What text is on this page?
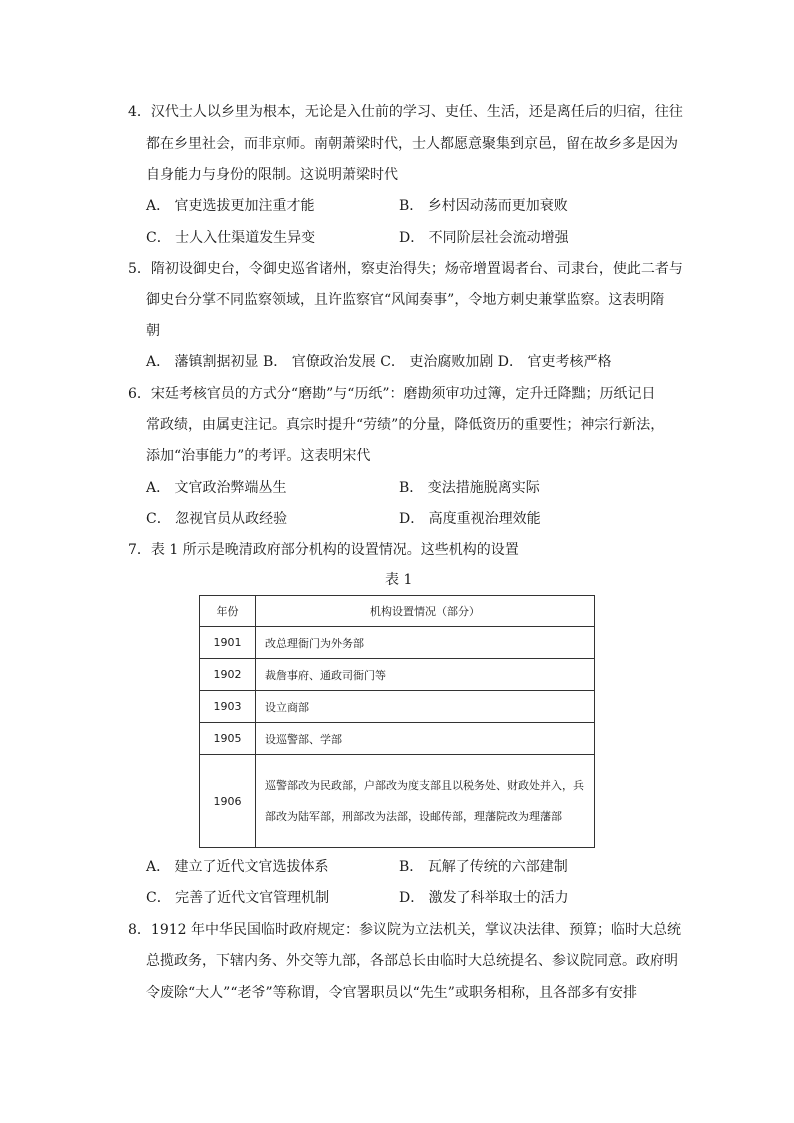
4．汉代士人以乡里为根本，无论是入仕前的学习、吏任、生活，还是离任后的归宿，往往
都在乡里社会，而非京师。南朝萧梁时代，士人都愿意聚集到京邑，留在故乡多是因为
自身能力与身份的限制。这说明萧梁时代
A． 官吏选拔更加注重才能	B． 乡村因动荡而更加衰败
C． 士人入仕渠道发生异变	D． 不同阶层社会流动增强
5．隋初设御史台，令御史巡省诸州，察吏治得失；炀帝增置谒者台、司隶台，使此二者与
御史台分掌不同监察领域，且许监察官“风闻奏事”，令地方刺史兼掌监察。这表明隋
朝
A． 藩镇割据初显 B． 官僚政治发展 C． 吏治腐败加剧 D． 官吏考核严格
6．宋廷考核官员的方式分“磨勘”与“历纸”：磨勘须审功过簿，定升迁降黜；历纸记日
常政绩，由属吏注记。真宗时提升“劳绩”的分量，降低资历的重要性；神宗行新法，
添加“治事能力”的考评。这表明宋代
A． 文官政治弊端丛生	B． 变法措施脱离实际
C． 忽视官员从政经验	D． 高度重视治理效能
7．表 1 所示是晚清政府部分机构的设置情况。这些机构的设置
表 1
年份	机构设置情况（部分）
1901	改总理衙门为外务部
1902	裁詹事府、通政司衙门等
1903	设立商部
1905	设巡警部、学部
1906	巡警部改为民政部，户部改为度支部且以税务处、财政处并入，兵部改为陆军部，刑部改为法部，设邮传部，理藩院改为理藩部
A． 建立了近代文官选拔体系	B． 瓦解了传统的六部建制
C． 完善了近代文官管理机制	D． 激发了科举取士的活力
8．1912 年中华民国临时政府规定：参议院为立法机关，掌议决法律、预算；临时大总统
总揽政务，下辖内务、外交等九部，各部总长由临时大总统提名、参议院同意。政府明
令废除“大人”“老爷”等称谓，令官署职员以“先生”或职务相称，且各部多有安排
